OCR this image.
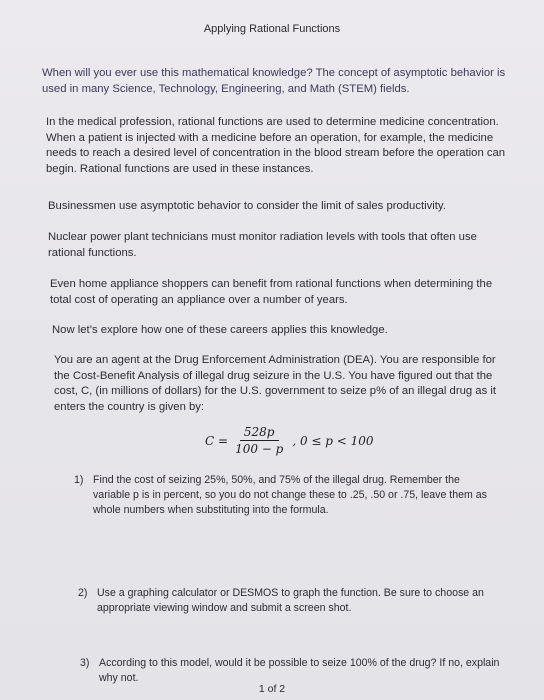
Applying Rational Functions

When will you ever use this mathematical knowledge? The concept of asymptotic behavior is used in many Science, Technology, Engineering, and Math (STEM) fields.

In the medical profession, rational functions are used to determine medicine concentration. When a patient is injected with a medicine before an operation, for example, the medicine needs to reach a desired level of concentration in the blood stream before the operation can begin. Rational functions are used in these instances.

Businessmen use asymptotic behavior to consider the limit of sales productivity.

Nuclear power plant technicians must monitor radiation levels with tools that often use rational functions.

Even home appliance shoppers can benefit from rational functions when determining the total cost of operating an appliance over a number of years.

Now let’s explore how one of these careers applies this knowledge.

You are an agent at the Drug Enforcement Administration (DEA). You are responsible for the Cost-Benefit Analysis of illegal drug seizure in the U.S. You have figured out that the cost, C, (in millions of dollars) for the U.S. government to seize p% of an illegal drug as it enters the country is given by:

$C = \frac{528p}{100 - p}$ , 0 ≤ p < 100
1) Find the cost of seizing 25%, 50%, and 75% of the illegal drug. Remember the variable p is in percent, so you do not change these to .25, .50 or .75, leave them as whole numbers when substituting into the formula.
2) Use a graphing calculator or DESMOS to graph the function. Be sure to choose an appropriate viewing window and submit a screen shot.
3) According to this model, would it be possible to seize 100% of the drug? If no, explain why not.
1 of 2
